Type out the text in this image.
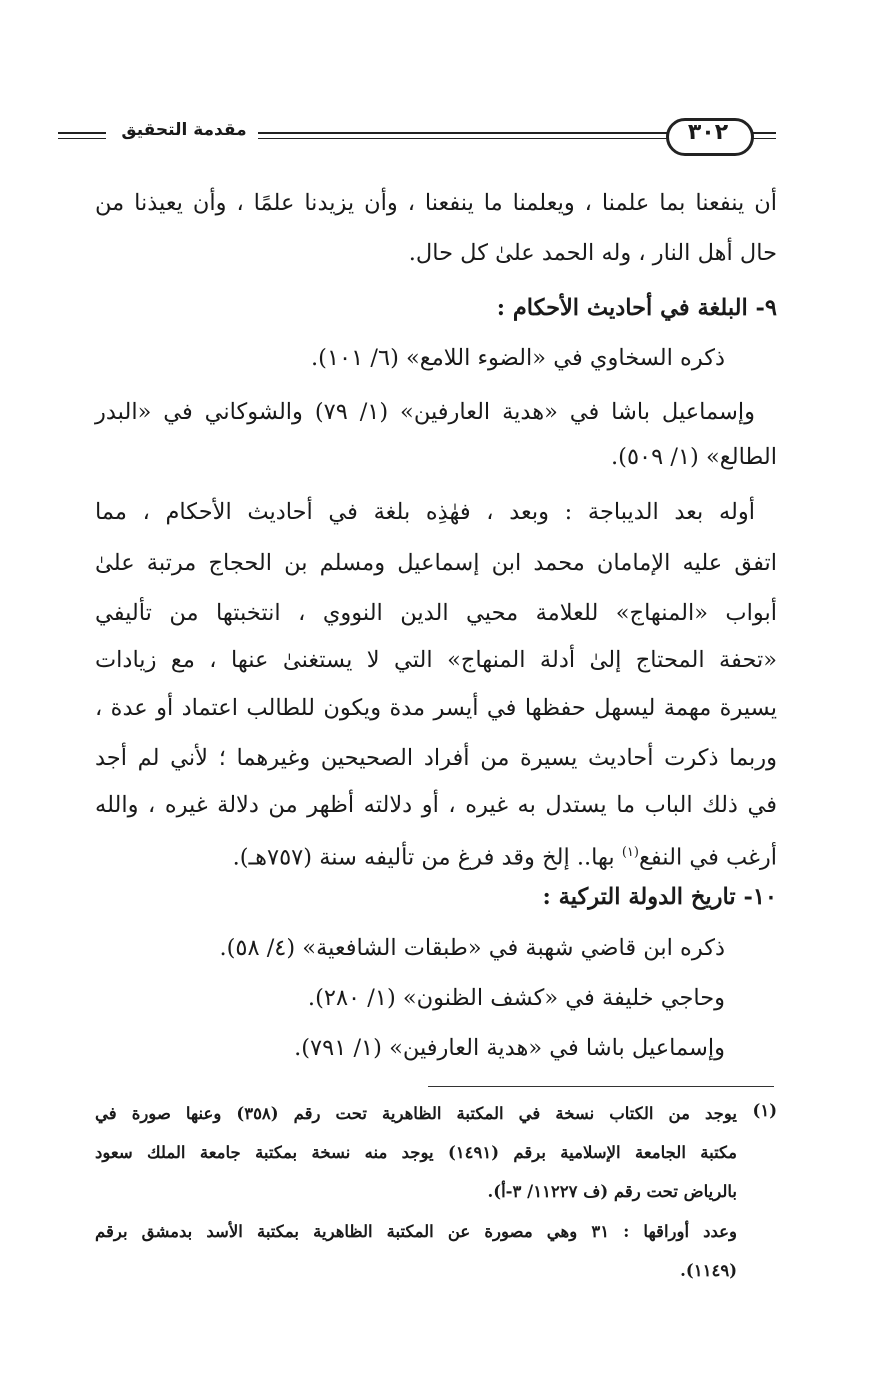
مقدمة التحقيق	٣٠٢
أن ينفعنا بما علمنا ، ويعلمنا ما ينفعنا ، وأن يزيدنا علمًا ، وأن يعيذنا من
حال أهل النار ، وله الحمد علىٰ كل حال.
٩- البلغة في أحاديث الأحكام :
ذكره السخاوي في «الضوء اللامع» (٦/ ١٠١).
وإسماعيل باشا في «هدية العارفين» (١/ ٧٩) والشوكاني في «البدر
الطالع» (١/ ٥٠٩).
أوله بعد الديباجة : وبعد ، فهٰذِه بلغة في أحاديث الأحكام ، مما
اتفق عليه الإمامان محمد ابن إسماعيل ومسلم بن الحجاج مرتبة علىٰ
أبواب «المنهاج» للعلامة محيي الدين النووي ، انتخبتها من تأليفي
«تحفة المحتاج إلىٰ أدلة المنهاج» التي لا يستغنىٰ عنها ، مع زيادات
يسيرة مهمة ليسهل حفظها في أيسر مدة ويكون للطالب اعتماد أو عدة ،
وربما ذكرت أحاديث يسيرة من أفراد الصحيحين وغيرهما ؛ لأني لم أجد
في ذلك الباب ما يستدل به غيره ، أو دلالته أظهر من دلالة غيره ، والله
أرغب في النفع$^{(١)}$ بها.. إلخ وقد فرغ من تأليفه سنة (٧٥٧هـ).
١٠- تاريخ الدولة التركية :
ذكره ابن قاضي شهبة في «طبقات الشافعية» (٤/ ٥٨).
وحاجي خليفة في «كشف الظنون» (١/ ٢٨٠).
وإسماعيل باشا في «هدية العارفين» (١/ ٧٩١).
(١)
يوجد من الكتاب نسخة في المكتبة الظاهرية تحت رقم (٣٥٨) وعنها صورة في
مكتبة الجامعة الإسلامية برقم (١٤٩١) يوجد منه نسخة بمكتبة جامعة الملك سعود
بالرياض تحت رقم (ف ١١٢٢٧/ ٣-أ).
وعدد أوراقها : ٣١ وهي مصورة عن المكتبة الظاهرية بمكتبة الأسد بدمشق برقم
(١١٤٩).
